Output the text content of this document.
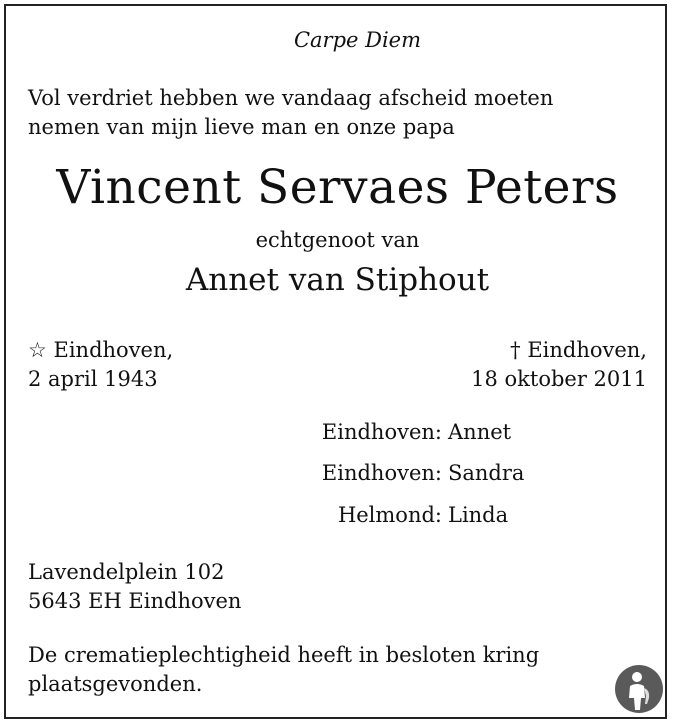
Carpe Diem
Vol verdriet hebben we vandaag afscheid moeten
nemen van mijn lieve man en onze papa
Vincent Servaes Peters
echtgenoot van
Annet van Stiphout
☆ Eindhoven,
2 april 1943
† Eindhoven,
18 oktober 2011
Eindhoven: Annet
Eindhoven: Sandra
Helmond: Linda
Lavendelplein 102
5643 EH Eindhoven
De crematieplechtigheid heeft in besloten kring
plaatsgevonden.
